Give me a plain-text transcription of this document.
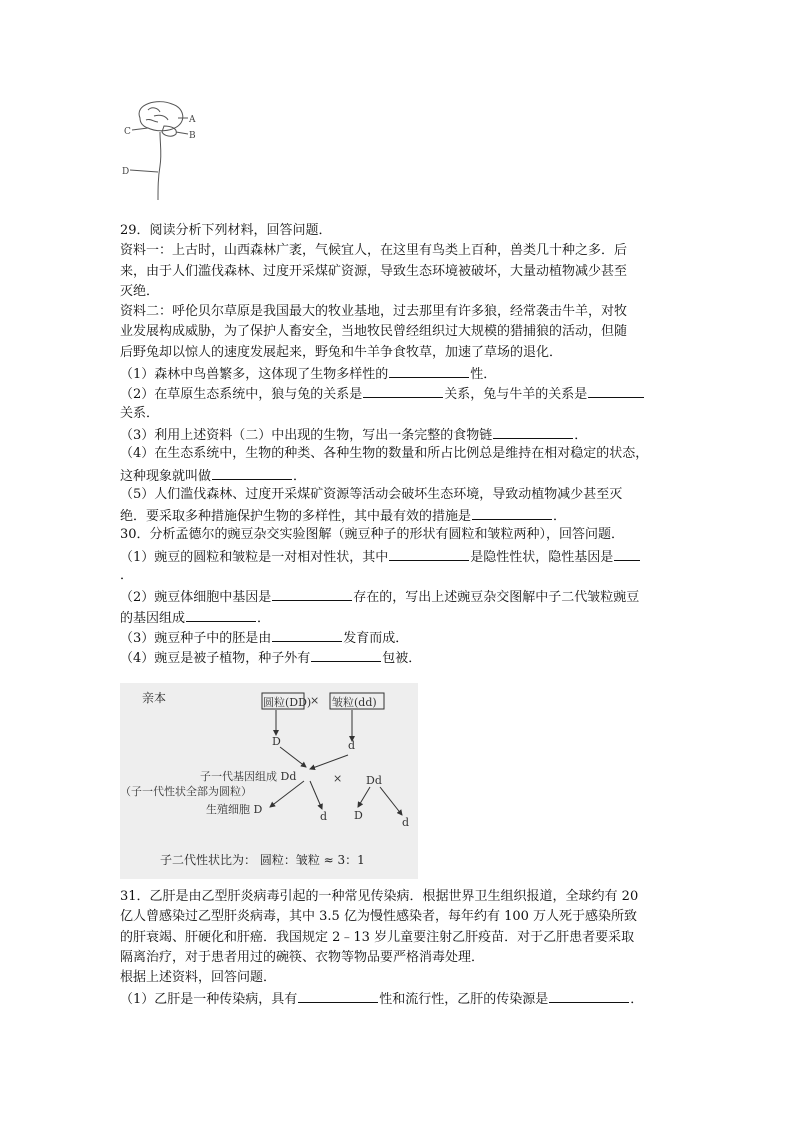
A
B
C
D
29．阅读分析下列材料，回答问题．
资料一：上古时，山西森林广袤，气候宜人，在这里有鸟类上百种，兽类几十种之多．后
来，由于人们滥伐森林、过度开采煤矿资源，导致生态环境被破坏，大量动植物减少甚至
灭绝．
资料二：呼伦贝尔草原是我国最大的牧业基地，过去那里有许多狼，经常袭击牛羊，对牧
业发展构成威胁，为了保护人畜安全，当地牧民曾经组织过大规模的猎捕狼的活动，但随
后野兔却以惊人的速度发展起来，野兔和牛羊争食牧草，加速了草场的退化．
（1）森林中鸟兽繁多，这体现了生物多样性的	性．
（2）在草原生态系统中，狼与兔的关系是	关系，兔与牛羊的关系是
关系．
（3）利用上述资料（二）中出现的生物，写出一条完整的食物链	．
（4）在生态系统中，生物的种类、各种生物的数量和所占比例总是维持在相对稳定的状态，
这种现象就叫做	．
（5）人们滥伐森林、过度开采煤矿资源等活动会破坏生态环境，导致动植物减少甚至灭
绝．要采取多种措施保护生物的多样性，其中最有效的措施是	．
30．分析孟德尔的豌豆杂交实验图解（豌豆种子的形状有圆粒和皱粒两种），回答问题．
（1）豌豆的圆粒和皱粒是一对相对性状，其中	是隐性性状，隐性基因是
．
（2）豌豆体细胞中基因是	存在的，写出上述豌豆杂交图解中子二代皱粒豌豆
的基因组成	．
（3）豌豆种子中的胚是由	发育而成．
（4）豌豆是被子植物，种子外有	包被．
亲本	圆粒(DD)
× 皱粒(dd)
D	d
子一代基因组成 Dd
（子一代性状全部为圆粒）
× Dd
生殖细胞 D
d D
d
子二代性状比为： 圆粒：皱粒 ≈ 3：1
31．乙肝是由乙型肝炎病毒引起的一种常见传染病．根据世界卫生组织报道，全球约有 20
亿人曾感染过乙型肝炎病毒，其中 3.5 亿为慢性感染者，每年约有 100 万人死于感染所致
的肝衰竭、肝硬化和肝癌．我国规定 2﹣13 岁儿童要注射乙肝疫苗．对于乙肝患者要采取
隔离治疗，对于患者用过的碗筷、衣物等物品要严格消毒处理．
根据上述资料，回答问题．
（1）乙肝是一种传染病，具有	性和流行性，乙肝的传染源是	．
